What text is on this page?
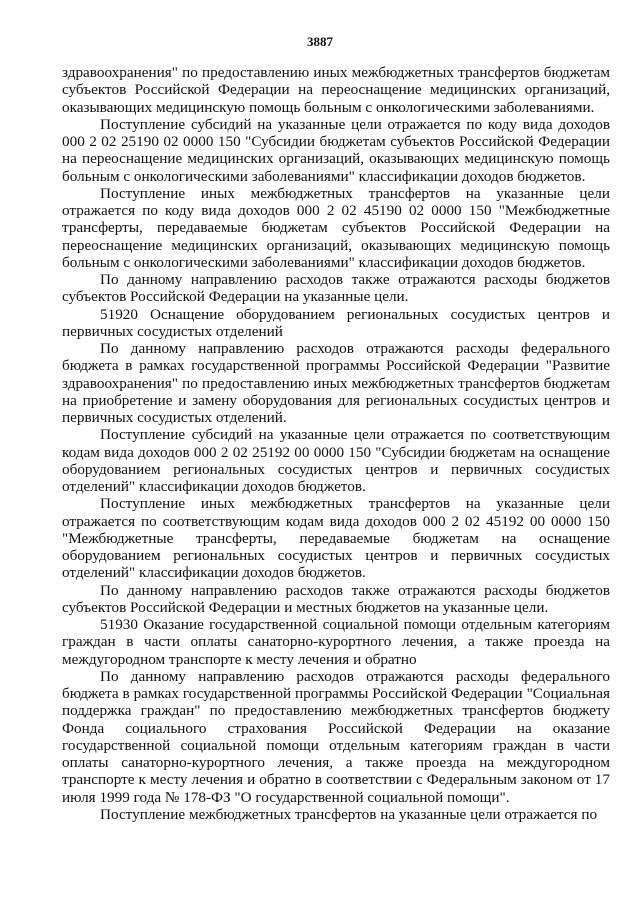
3887

здравоохранения" по предоставлению иных межбюджетных трансфертов бюджетам субъектов Российской Федерации на переоснащение медицинских организаций, оказывающих медицинскую помощь больным с онкологическими заболеваниями.

Поступление субсидий на указанные цели отражается по коду вида доходов 000 2 02 25190 02 0000 150 "Субсидии бюджетам субъектов Российской Федерации на переоснащение медицинских организаций, оказывающих медицинскую помощь больным с онкологическими заболеваниями" классификации доходов бюджетов.

Поступление иных межбюджетных трансфертов на указанные цели отражается по коду вида доходов 000 2 02 45190 02 0000 150 "Межбюджетные трансферты, передаваемые бюджетам субъектов Российской Федерации на переоснащение медицинских организаций, оказывающих медицинскую помощь больным с онкологическими заболеваниями" классификации доходов бюджетов.

По данному направлению расходов также отражаются расходы бюджетов субъектов Российской Федерации на указанные цели.

51920 Оснащение оборудованием региональных сосудистых центров и первичных сосудистых отделений

По данному направлению расходов отражаются расходы федерального бюджета в рамках государственной программы Российской Федерации "Развитие здравоохранения" по предоставлению иных межбюджетных трансфертов бюджетам на приобретение и замену оборудования для региональных сосудистых центров и первичных сосудистых отделений.

Поступление субсидий на указанные цели отражается по соответствующим кодам вида доходов 000 2 02 25192 00 0000 150 "Субсидии бюджетам на оснащение оборудованием региональных сосудистых центров и первичных сосудистых отделений" классификации доходов бюджетов.

Поступление иных межбюджетных трансфертов на указанные цели отражается по соответствующим кодам вида доходов 000 2 02 45192 00 0000 150 "Межбюджетные трансферты, передаваемые бюджетам на оснащение оборудованием региональных сосудистых центров и первичных сосудистых отделений" классификации доходов бюджетов.

По данному направлению расходов также отражаются расходы бюджетов субъектов Российской Федерации и местных бюджетов на указанные цели.

51930 Оказание государственной социальной помощи отдельным категориям граждан в части оплаты санаторно-курортного лечения, а также проезда на междугородном транспорте к месту лечения и обратно

По данному направлению расходов отражаются расходы федерального бюджета в рамках государственной программы Российской Федерации "Социальная поддержка граждан" по предоставлению межбюджетных трансфертов бюджету Фонда социального страхования Российской Федерации на оказание государственной социальной помощи отдельным категориям граждан в части оплаты санаторно-курортного лечения, а также проезда на междугородном транспорте к месту лечения и обратно в соответствии с Федеральным законом от 17 июля 1999 года № 178-ФЗ "О государственной социальной помощи".

Поступление межбюджетных трансфертов на указанные цели отражается по
